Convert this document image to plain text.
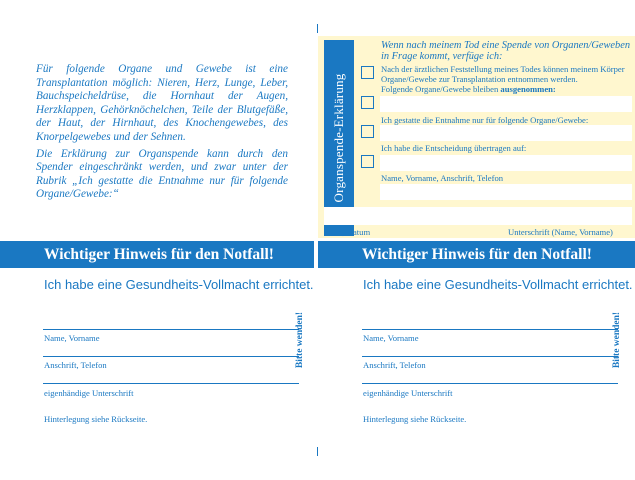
Für folgende Organe und Gewebe ist eine Transplantation möglich: Nieren, Herz, Lunge, Leber, Bauchspeicheldrüse, die Hornhaut der Augen, Herzklappen, Gehörknöchelchen, Teile der Blutgefäße, der Haut, der Hirnhaut, des Knochengewebes, des Knorpelgewebes und der Sehnen.

Die Erklärung zur Organspende kann durch den Spender eingeschränkt werden, und zwar unter der Rubrik „Ich gestatte die Entnahme nur für folgende Organe/Gewebe:“	Organspende-Erklärung
Wenn nach meinem Tod eine Spende von Organen/Geweben in Frage kommt, verfüge ich:
Nach der ärztlichen Feststellung meines Todes können meinem Körper Organe/Gewebe zur Transplantation entnommen werden.
Folgende Organe/Gewebe bleiben ausgenommen:
Ich gestatte die Entnahme nur für folgende Organe/Gewebe:
Ich habe die Entscheidung übertragen auf:
Name, Vorname, Anschrift, Telefon
Ort, Datum	Unterschrift (Name, Vorname)
Wichtiger Hinweis für den Notfall!	Wichtiger Hinweis für den Notfall!
Ich habe eine Gesundheits-Vollmacht errichtet.
Name, Vorname
Anschrift, Telefon
eigenhändige Unterschrift
Hinterlegung siehe Rückseite.
Bitte wenden!
Ich habe eine Gesundheits-Vollmacht errichtet.
Name, Vorname
Anschrift, Telefon
eigenhändige Unterschrift
Hinterlegung siehe Rückseite.
Bitte wenden!
